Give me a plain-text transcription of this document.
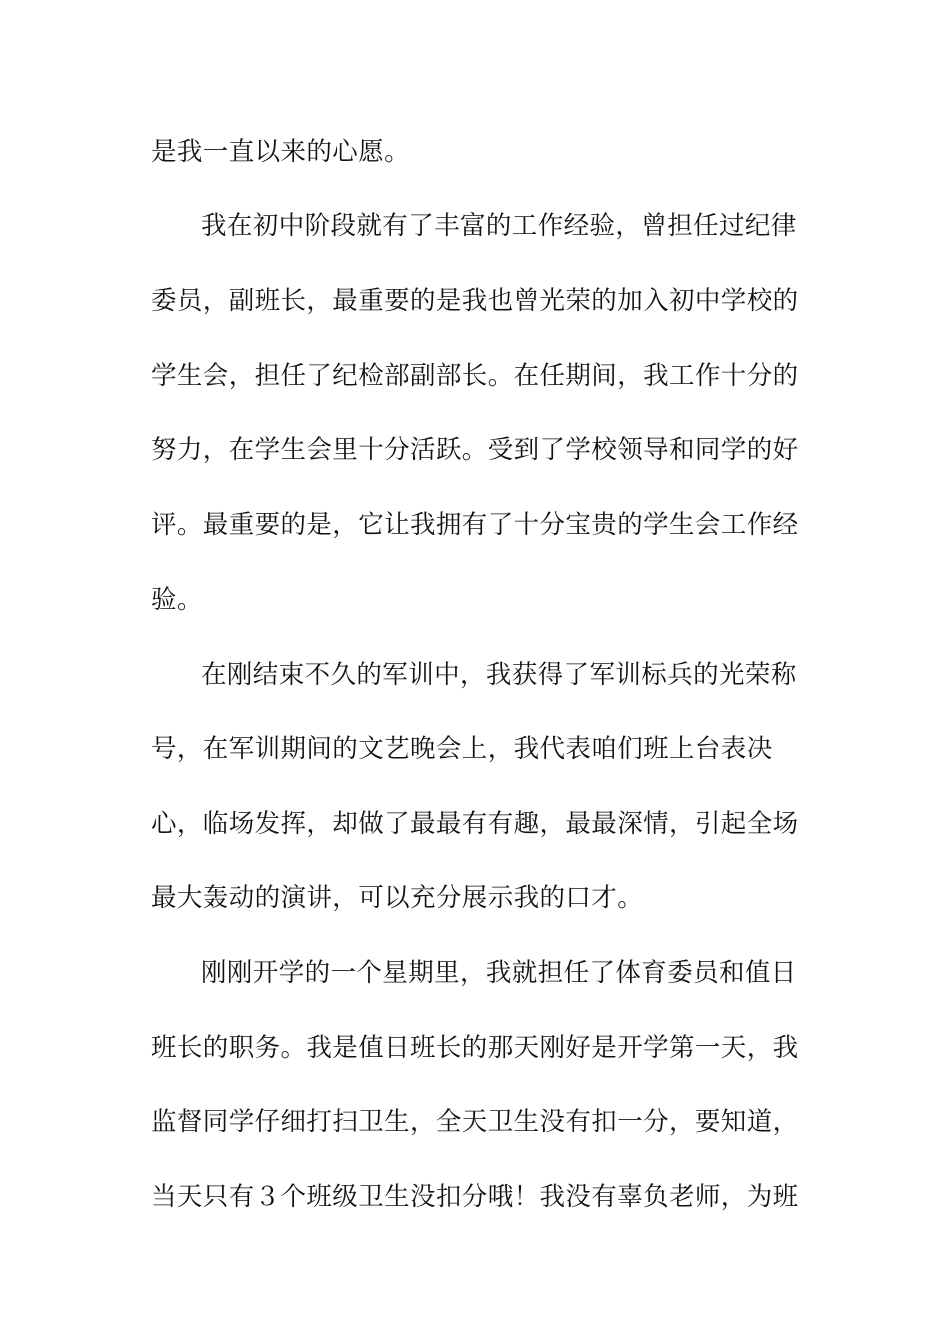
是我一直以来的心愿。
我在初中阶段就有了丰富的工作经验，曾担任过纪律
委员，副班长，最重要的是我也曾光荣的加入初中学校的
学生会，担任了纪检部副部长。在任期间，我工作十分的
努力，在学生会里十分活跃。受到了学校领导和同学的好
评。最重要的是，它让我拥有了十分宝贵的学生会工作经
验。
在刚结束不久的军训中，我获得了军训标兵的光荣称
号，在军训期间的文艺晚会上，我代表咱们班上台表决
心，临场发挥，却做了最最有有趣，最最深情，引起全场
最大轰动的演讲，可以充分展示我的口才。
刚刚开学的一个星期里，我就担任了体育委员和值日
班长的职务。我是值日班长的那天刚好是开学第一天，我
监督同学仔细打扫卫生，全天卫生没有扣一分，要知道，
当天只有３个班级卫生没扣分哦！我没有辜负老师，为班
